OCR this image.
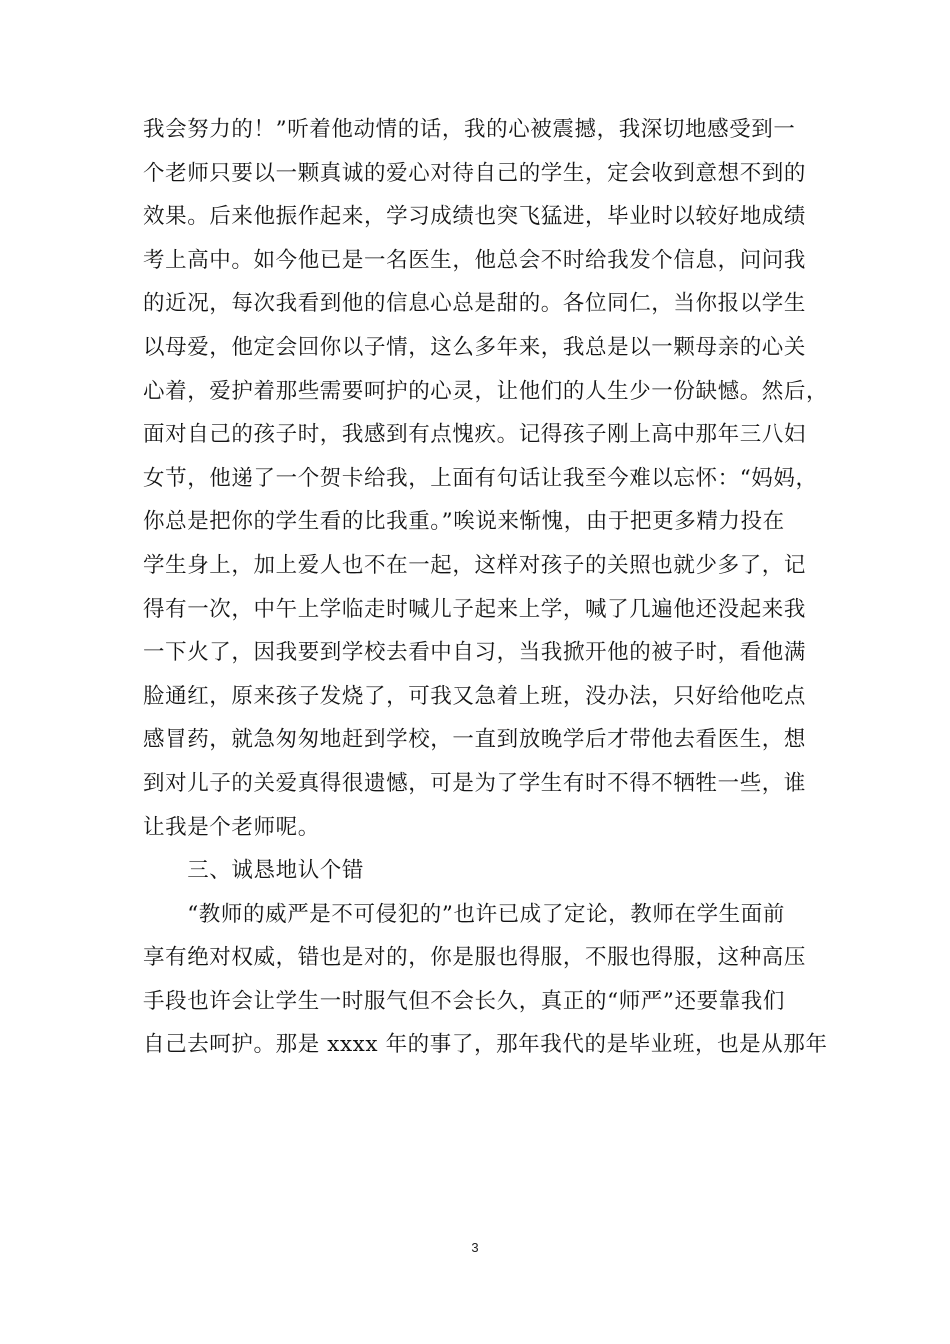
我会努力的！”听着他动情的话，我的心被震撼，我深切地感受到一
个老师只要以一颗真诚的爱心对待自己的学生，定会收到意想不到的
效果。后来他振作起来，学习成绩也突飞猛进，毕业时以较好地成绩
考上高中。如今他已是一名医生，他总会不时给我发个信息，问问我
的近况，每次我看到他的信息心总是甜的。各位同仁，当你报以学生
以母爱，他定会回你以子情，这么多年来，我总是以一颗母亲的心关
心着，爱护着那些需要呵护的心灵，让他们的人生少一份缺憾。然后，
面对自己的孩子时，我感到有点愧疚。记得孩子刚上高中那年三八妇
女节，他递了一个贺卡给我，上面有句话让我至今难以忘怀：“妈妈，
你总是把你的学生看的比我重。”唉说来惭愧，由于把更多精力投在
学生身上，加上爱人也不在一起，这样对孩子的关照也就少多了，记
得有一次，中午上学临走时喊儿子起来上学，喊了几遍他还没起来我
一下火了，因我要到学校去看中自习，当我掀开他的被子时，看他满
脸通红，原来孩子发烧了，可我又急着上班，没办法，只好给他吃点
感冒药，就急匆匆地赶到学校，一直到放晚学后才带他去看医生，想
到对儿子的关爱真得很遗憾，可是为了学生有时不得不牺牲一些，谁
让我是个老师呢。
　　三、诚恳地认个错
　　“教师的威严是不可侵犯的”也许已成了定论，教师在学生面前
享有绝对权威，错也是对的，你是服也得服，不服也得服，这种高压
手段也许会让学生一时服气但不会长久，真正的“师严”还要靠我们
自己去呵护。那是 xxxx 年的事了，那年我代的是毕业班，也是从那年
3
